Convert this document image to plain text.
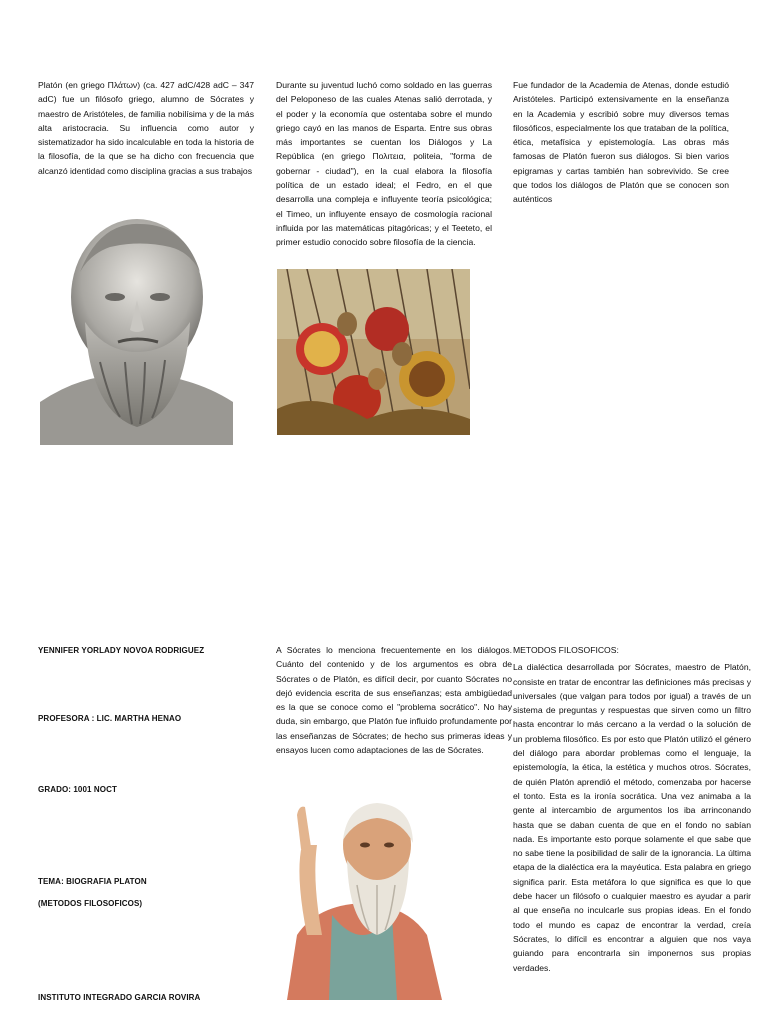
Platón (en griego Πλάτων) (ca. 427 adC/428 adC – 347 adC) fue un filósofo griego, alumno de Sócrates y maestro de Aristóteles, de familia nobilísima y de la más alta aristocracia. Su influencia como autor y sistematizador ha sido incalculable en toda la historia de la filosofía, de la que se ha dicho con frecuencia que alcanzó identidad como disciplina gracias a sus trabajos
Durante su juventud luchó como soldado en las guerras del Peloponeso de las cuales Atenas salió derrotada, y el poder y la economía que ostentaba sobre el mundo griego cayó en las manos de Esparta. Entre sus obras más importantes se cuentan los Diálogos y La República (en griego Πολιτεια, politeia, "forma de gobernar - ciudad"), en la cual elabora la filosofía política de un estado ideal; el Fedro, en el que desarrolla una compleja e influyente teoría psicológica; el Timeo, un influyente ensayo de cosmología racional influida por las matemáticas pitagóricas; y el Teeteto, el primer estudio conocido sobre filosofía de la ciencia.
Fue fundador de la Academia de Atenas, donde estudió Aristóteles. Participó extensivamente en la enseñanza en la Academia y escribió sobre muy diversos temas filosóficos, especialmente los que trataban de la política, ética, metafísica y epistemología. Las obras más famosas de Platón fueron sus diálogos. Si bien varios epigramas y cartas también han sobrevivido. Se cree que todos los diálogos de Platón que se conocen son auténticos
YENNIFER YORLADY NOVOA RODRIGUEZ
PROFESORA : LIC. MARTHA HENAO
GRADO: 1001 NOCT
TEMA: BIOGRAFIA PLATON
(METODOS FILOSOFICOS)
INSTITUTO INTEGRADO GARCIA ROVIRA
A Sócrates lo menciona frecuentemente en los diálogos. Cuánto del contenido y de los argumentos es obra de Sócrates o de Platón, es difícil decir, por cuanto Sócrates no dejó evidencia escrita de sus enseñanzas; esta ambigüedad es la que se conoce como el "problema socrático". No hay duda, sin embargo, que Platón fue influido profundamente por las enseñanzas de Sócrates; de hecho sus primeras ideas y ensayos lucen como adaptaciones de las de Sócrates.
METODOS FILOSOFICOS:
La dialéctica desarrollada por Sócrates, maestro de Platón, consiste en tratar de encontrar las definiciones más precisas y universales (que valgan para todos por igual) a través de un sistema de preguntas y respuestas que sirven como un filtro hasta encontrar lo más cercano a la verdad o la solución de un problema filosófico. Es por esto que Platón utilizó el género del diálogo para abordar problemas como el lenguaje, la epistemología, la ética, la estética y muchos otros. Sócrates, de quién Platón aprendió el método, comenzaba por hacerse el tonto. Esta es la ironía socrática. Una vez animaba a la gente al intercambio de argumentos los iba arrinconando hasta que se daban cuenta de que en el fondo no sabían nada. Es importante esto porque solamente el que sabe que no sabe tiene la posibilidad de salir de la ignorancia. La última etapa de la dialéctica era la mayéutica. Esta palabra en griego significa parir. Esta metáfora lo que significa es que lo que debe hacer un filósofo o cualquier maestro es ayudar a parir al que enseña no inculcarle sus propias ideas. En el fondo todo el mundo es capaz de encontrar la verdad, creía Sócrates, lo difícil es encontrar a alguien que nos vaya guiando para encontrarla sin imponernos sus propias verdades.
